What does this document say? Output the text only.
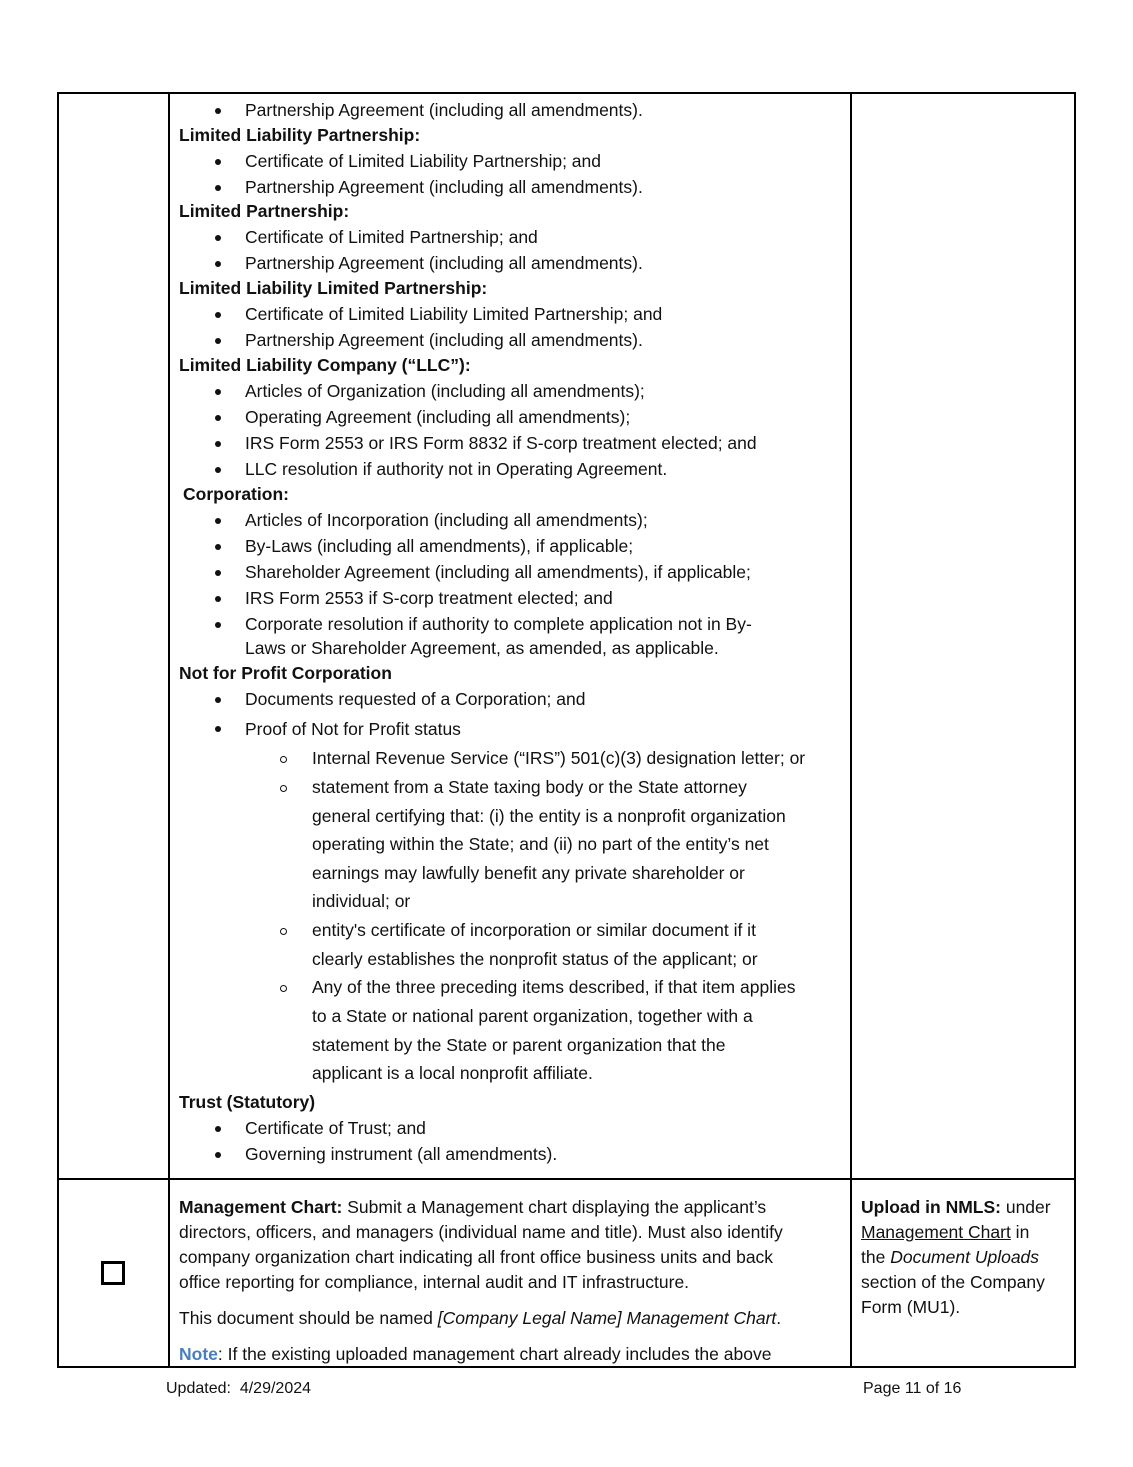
Partnership Agreement (including all amendments).
Limited Liability Partnership:
Certificate of Limited Liability Partnership; and
Partnership Agreement (including all amendments).
Limited Partnership:
Certificate of Limited Partnership; and
Partnership Agreement (including all amendments).
Limited Liability Limited Partnership:
Certificate of Limited Liability Limited Partnership; and
Partnership Agreement (including all amendments).
Limited Liability Company (“LLC”):
Articles of Organization (including all amendments);
Operating Agreement (including all amendments);
IRS Form 2553 or IRS Form 8832 if S-corp treatment elected; and
LLC resolution if authority not in Operating Agreement.
Corporation:
Articles of Incorporation (including all amendments);
By-Laws (including all amendments), if applicable;
Shareholder Agreement (including all amendments), if applicable;
IRS Form 2553 if S-corp treatment elected; and
Corporate resolution if authority to complete application not in By-
Laws or Shareholder Agreement, as amended, as applicable.
Not for Profit Corporation
Documents requested of a Corporation; and
Proof of Not for Profit status
Internal Revenue Service (“IRS”) 501(c)(3) designation letter; or
statement from a State taxing body or the State attorney
general certifying that: (i) the entity is a nonprofit organization
operating within the State; and (ii) no part of the entity’s net
earnings may lawfully benefit any private shareholder or
individual; or
entity's certificate of incorporation or similar document if it
clearly establishes the nonprofit status of the applicant; or
Any of the three preceding items described, if that item applies
to a State or national parent organization, together with a
statement by the State or parent organization that the
applicant is a local nonprofit affiliate.
Trust (Statutory)
Certificate of Trust; and
Governing instrument (all amendments).
Management Chart: Submit a Management chart displaying the applicant’s
directors, officers, and managers (individual name and title). Must also identify
company organization chart indicating all front office business units and back
office reporting for compliance, internal audit and IT infrastructure.
This document should be named [Company Legal Name] Management Chart.
Note: If the existing uploaded management chart already includes the above
Upload in NMLS: under
Management Chart in
the Document Uploads
section of the Company
Form (MU1).
Updated: 4/29/2024	Page 11 of 16
